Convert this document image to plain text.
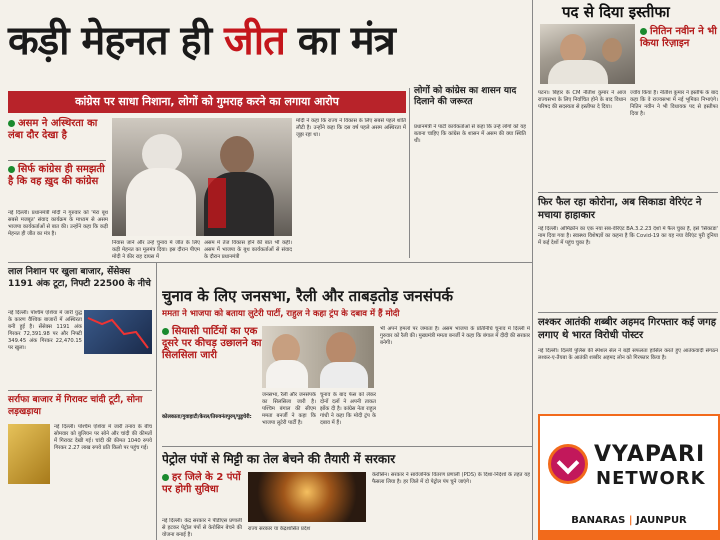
कड़ी मेहनत ही जीत का मंत्र
पद से दिया इस्तीफा
नितिन नवीन ने भी किया रिज़ाइन
कांग्रेस पर साधा निशाना, लोगों को गुमराह करने का लगाया आरोप
असम ने अस्थिरता का लंबा दौर देखा है
सिर्फ कांग्रेस ही समझती है कि वह ख़ुद की कांग्रेस
नई दिल्ली। प्रधानमंत्री मोदी ने गुरुवार को 'मेरा बूथ सबसे मजबूत' संवाद कार्यक्रम के माध्यम से असम भाजपा कार्यकर्ताओं से बात की। उन्होंने कहा कि कड़ी मेहनत ही जीत का मंत्र है।
निवास जाने और उन्हें चुनाव में जीत के लिए कड़ी मेहनत का मूलमंत्र दिया। इस दौरान पीएम मोदी ने कीर राह दायस में
असम में तेज विकास होने की बात भी कही। असम में भाजपा के बूथ कार्यकर्ताओं से संवाद के दौरान प्रधानमंत्री
मोदी ने कहा कि राज्य ने विकास के लिए सबसे पहले शांति लौटी है। उन्होंने कहा कि दस वर्ष पहले असम अस्थिरता में जूझ रहा था।
लोगों को कांग्रेस का शासन याद दिलाने की जरूरत
प्रधानमंत्री ने पार्टी कार्यकर्ताओं से कहा कि उन्हें लोगों को यह बताना चाहिए कि कांग्रेस के शासन में असम की क्या स्थिति थी।
पटना। बिहार के CM नीतीश कुमार ने आज राज्यसभा के लिए निर्वाचित होने के बाद विधान परिषद की सदस्यता से इस्तीफा दे दिया।
ज्वॉय किया है। नीतीश कुमार ने इस्तीफे के बाद कहा कि वे राज्यसभा में नई भूमिका निभाएंगे। नितिन नवीन ने भी विधायक पद से इस्तीफा दिया है।
फिर फैल रहा कोरोना, अब सिकाडा वेरिएंट ने मचाया हाहाकार
नई दिल्ली। ओमिक्रॉन का एक नया सब-वेरिएंट BA.3.2.23 देशों में फैल चुका है, इसे 'सिकाडा' नाम दिया गया है। स्वास्थ्य विशेषज्ञों का कहना है कि Covid-19 का यह नया वेरिएंट पूरी दुनिया में कई देशों में पहुंच चुका है।
लश्कर आतंकी शब्बीर अहमद गिरफ्तार कई जगह लगाए थे भारत विरोधी पोस्टर
नई दिल्ली। दिल्ली पुलिस की स्पेशल सेल ने बड़ी सफलता हासिल करते हुए आतंकवादी संगठन लश्कर-ए-तैयबा के आतंकी शब्बीर अहमद लोन को गिरफ्तार किया है।
VYAPARI
NETWORK
BANARAS | JAUNPUR
लाल निशान पर खुला बाजार, सेंसेक्स 1191 अंक टूटा, निफ्टी 22500 के नीचे
नई दिल्ली। पश्चिम एशिया में जारी युद्ध के कारण वैश्विक बाजारों में अस्थिरता बनी हुई है। सेंसेक्स 1191 अंक गिरकर 72,391.98 पर और निफ्टी 349.45 अंक गिरकर 22,470.15 पर खुला।
सर्राफा बाजार में गिरावट चांदी टूटी, सोना लड़खड़ाया
नई दिल्ली। पश्चिम एशिया में जारी तनाव के बीच सोमवार को बुलियन पर सोने और चांदी की कीमतों में गिरावट देखी गई। चांदी की कीमत 1040 रुपये गिरकर 2.27 लाख रुपये प्रति किलो पर पहुंच गई।
चुनाव के लिए जनसभा, रैली और ताबड़तोड़ जनसंपर्क
ममता ने भाजपा को बताया लुटेरी पार्टी, राहुल ने कहा ट्रंप के दबाव में हैं मोदी
सियासी पार्टियों का एक दूसरे पर कीचड़ उछालने का सिलसिला जारी
जनसभा, रैली और जनसंपर्क का सिलसिला जारी है। पश्चिम बंगाल की सीएम ममता बनर्जी ने कहा कि भाजपा लुटेरी पार्टी है।
कोलकाता/गुवाहाटी/केरल/तिरुवनंतपुरम्/पुडुचेरी:
चुनाव के बाद फेस को लेकर दोनों दलों ने अपनी ताकत झोंक दी है। कांग्रेस नेता राहुल गांधी ने कहा कि मोदी ट्रंप के दबाव में हैं।
भी अपने हमलों पर जमाता है। असम भाजपा के प्रतिनिधि चुनाव में दिल्ली में गुरुवार को रैली की। मुख्यमंत्री ममता बनर्जी ने कहा कि बंगाल में दीदी की सरकार बनेगी।
पेट्रोल पंपों से मिट्टी का तेल बेचने की तैयारी में सरकार
हर जिले के 2 पंपों पर होगी सुविधा
नई दिल्ली। केंद्र सरकार ने पीडीएस प्रणाली से हटकर पेट्रोल पंपों से केरोसिन बेचने की योजना बनाई है।
राज्य सरकार या केंद्रशासित प्रदेश
केरोसिन। सरकार ने सार्वजनिक वितरण प्रणाली (PDS) के दिशा-निर्देशों के तहत यह फैसला लिया है। हर जिले में दो पेट्रोल पंप चुने जाएंगे।
